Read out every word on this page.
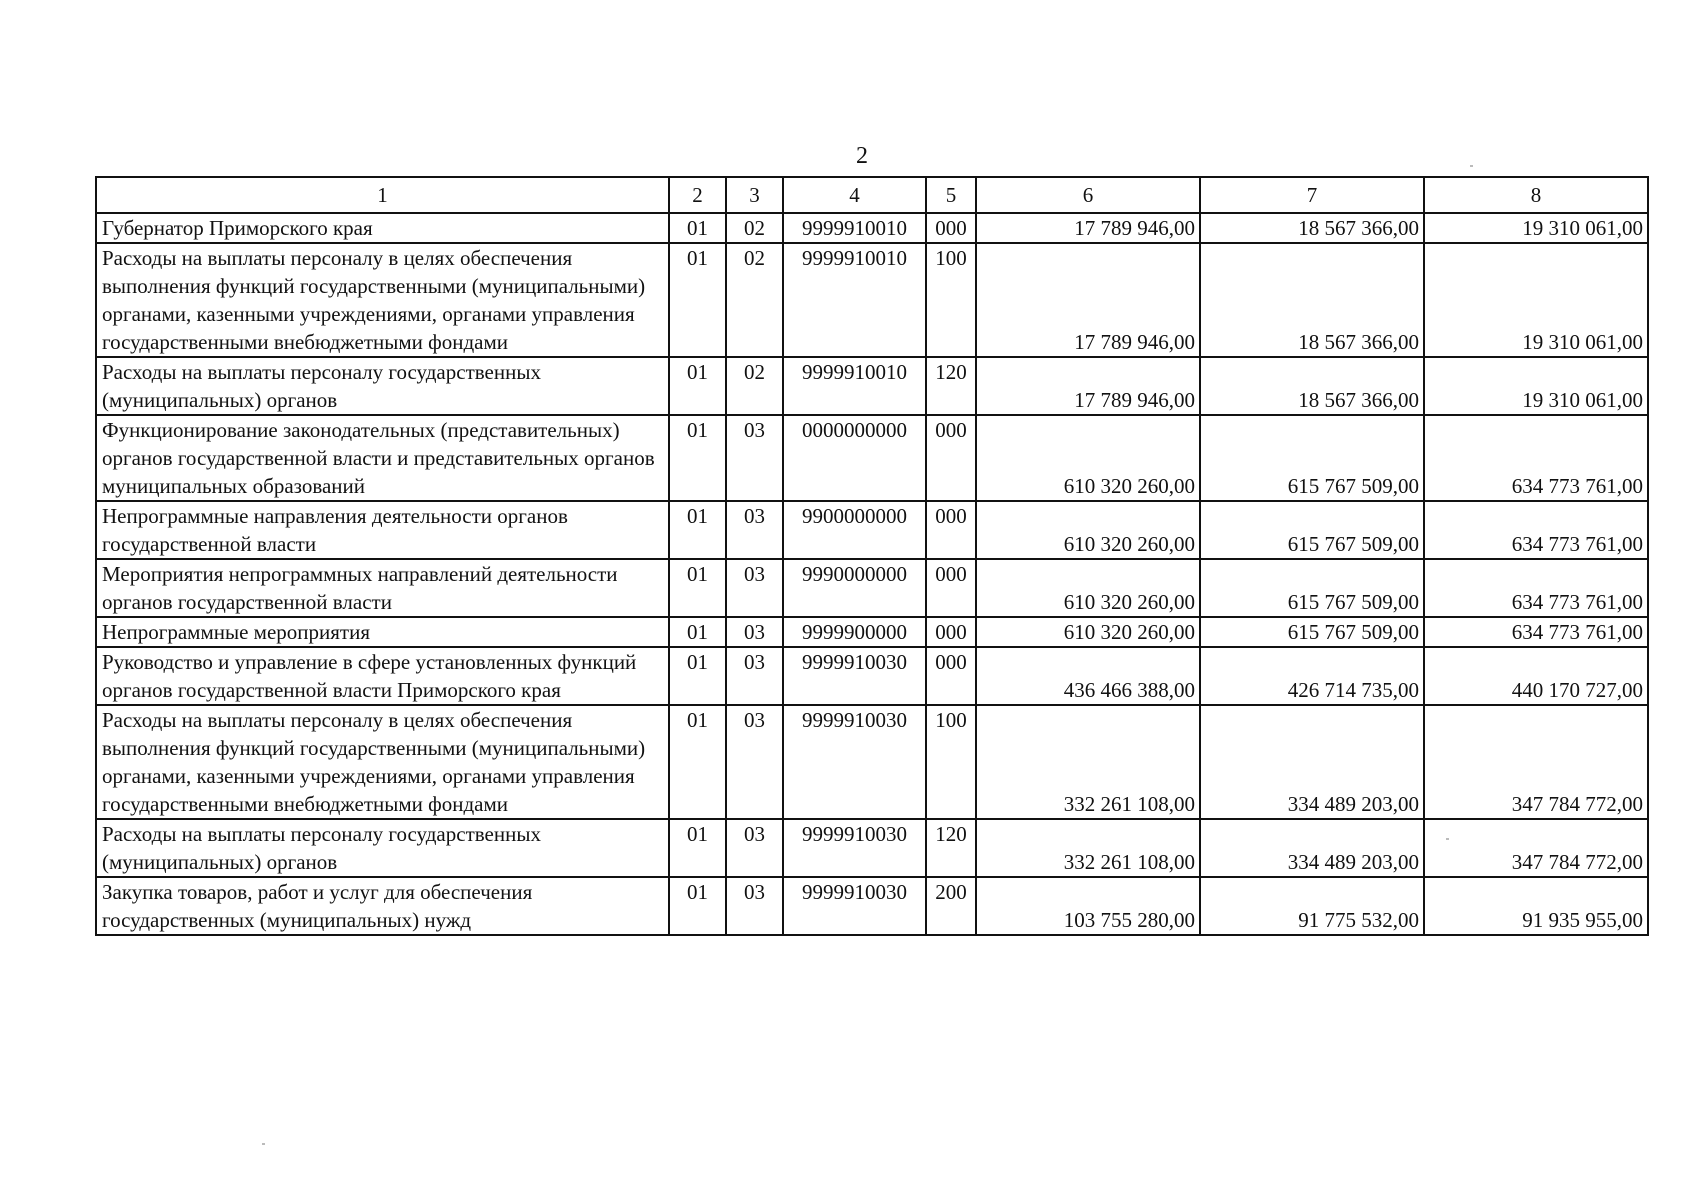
2
1	2	3	4	5	6	7	8
Губернатор Приморского края	01	02	9999910010	000	17 789 946,00	18 567 366,00	19 310 061,00
Расходы на выплаты персоналу в целях обеспечения выполнения функций государственными (муниципальными) органами, казенными учреждениями, органами управления государственными внебюджетными фондами	01	02	9999910010	100	17 789 946,00	18 567 366,00	19 310 061,00
Расходы на выплаты персоналу государственных (муниципальных) органов	01	02	9999910010	120	17 789 946,00	18 567 366,00	19 310 061,00
Функционирование законодательных (представительных) органов государственной власти и представительных органов муниципальных образований	01	03	0000000000	000	610 320 260,00	615 767 509,00	634 773 761,00
Непрограммные направления деятельности органов государственной власти	01	03	9900000000	000	610 320 260,00	615 767 509,00	634 773 761,00
Мероприятия непрограммных направлений деятельности органов государственной власти	01	03	9990000000	000	610 320 260,00	615 767 509,00	634 773 761,00
Непрограммные мероприятия	01	03	9999900000	000	610 320 260,00	615 767 509,00	634 773 761,00
Руководство и управление в сфере установленных функций органов государственной власти Приморского края	01	03	9999910030	000	436 466 388,00	426 714 735,00	440 170 727,00
Расходы на выплаты персоналу в целях обеспечения выполнения функций государственными (муниципальными) органами, казенными учреждениями, органами управления государственными внебюджетными фондами	01	03	9999910030	100	332 261 108,00	334 489 203,00	347 784 772,00
Расходы на выплаты персоналу государственных (муниципальных) органов	01	03	9999910030	120	332 261 108,00	334 489 203,00	347 784 772,00
Закупка товаров, работ и услуг для обеспечения государственных (муниципальных) нужд	01	03	9999910030	200	103 755 280,00	91 775 532,00	91 935 955,00
